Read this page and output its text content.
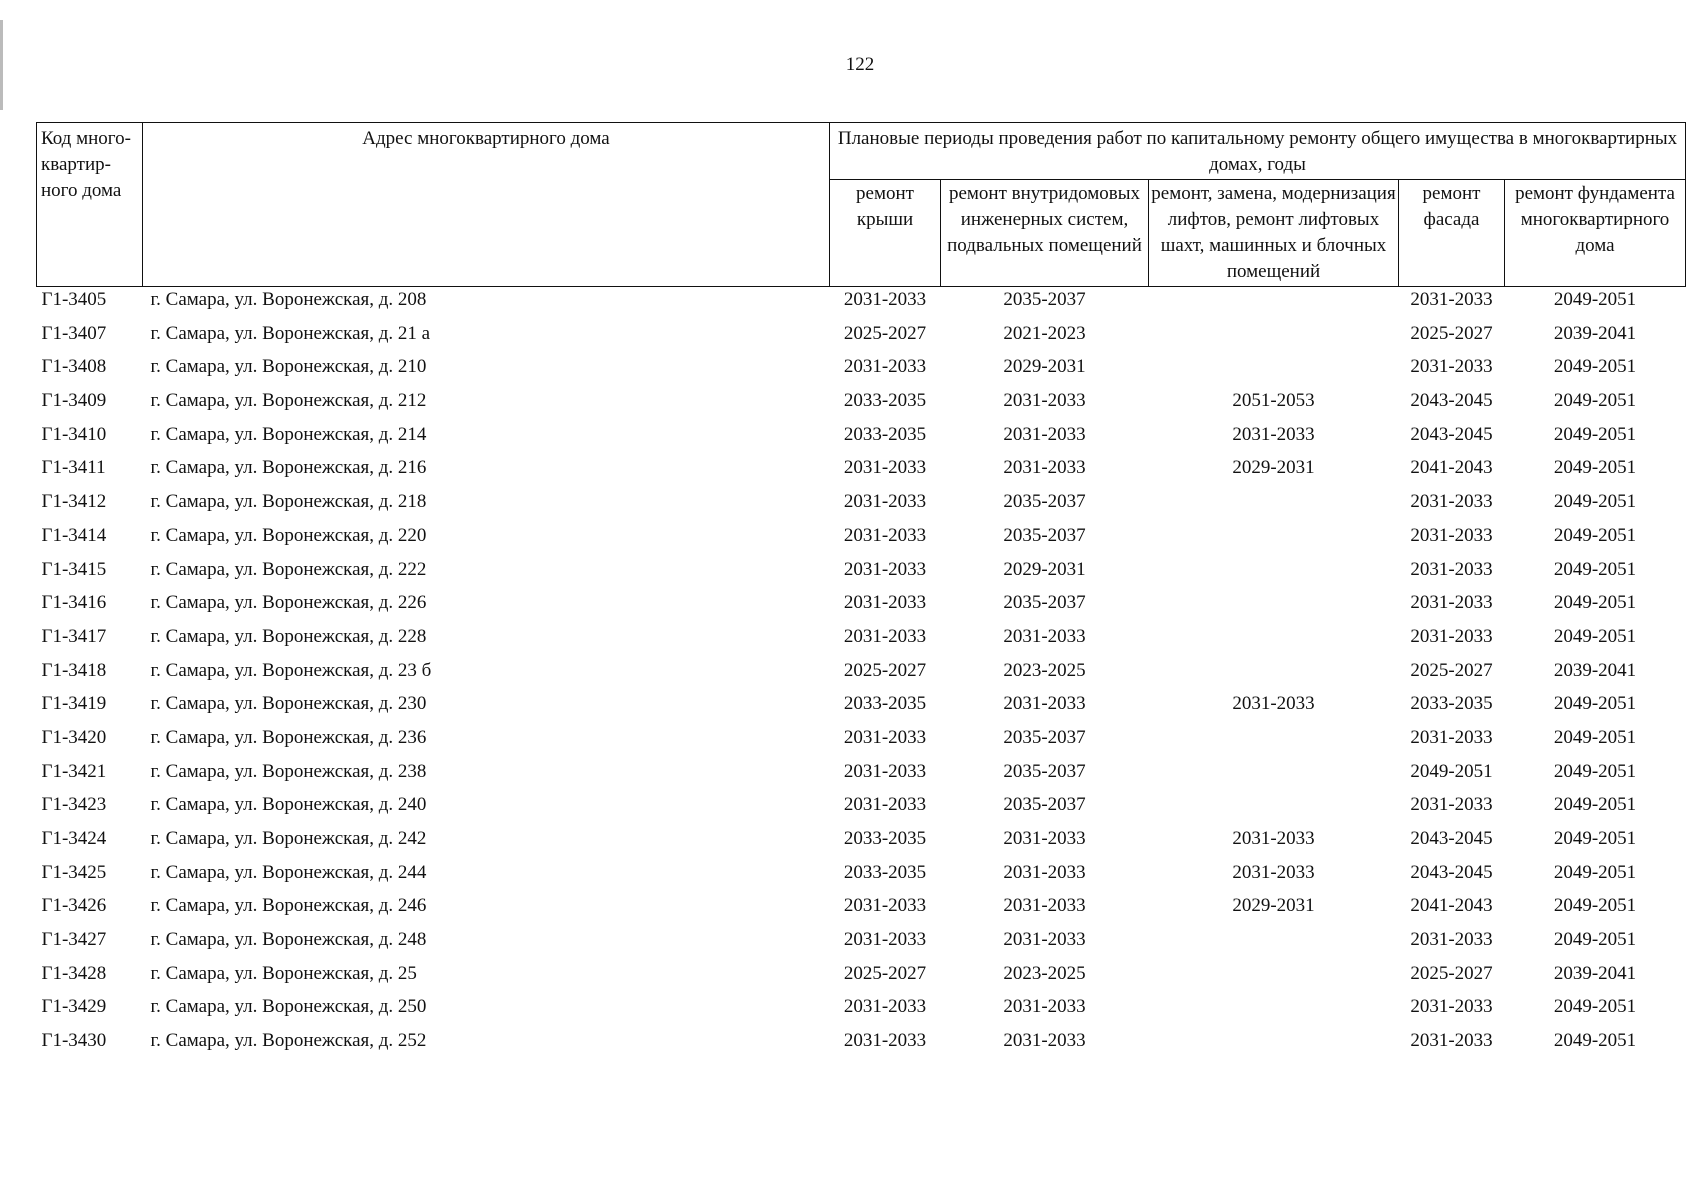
122
Код много-квартир-ного дома	Адрес многоквартирного дома	Плановые периоды проведения работ по капитальному ремонту общего имущества в многоквартирных домах, годы				
		ремонт крыши	ремонт внутридомовых инженерных систем, подвальных помещений	ремонт, замена, модернизация лифтов, ремонт лифтовых шахт, машинных и блочных помещений	ремонт фасада	ремонт фундамента многоквартирного дома
Г1-3405	г. Самара, ул. Воронежская, д. 208	2031-2033	2035-2037		2031-2033	2049-2051
Г1-3407	г. Самара, ул. Воронежская, д. 21 а	2025-2027	2021-2023		2025-2027	2039-2041
Г1-3408	г. Самара, ул. Воронежская, д. 210	2031-2033	2029-2031		2031-2033	2049-2051
Г1-3409	г. Самара, ул. Воронежская, д. 212	2033-2035	2031-2033	2051-2053	2043-2045	2049-2051
Г1-3410	г. Самара, ул. Воронежская, д. 214	2033-2035	2031-2033	2031-2033	2043-2045	2049-2051
Г1-3411	г. Самара, ул. Воронежская, д. 216	2031-2033	2031-2033	2029-2031	2041-2043	2049-2051
Г1-3412	г. Самара, ул. Воронежская, д. 218	2031-2033	2035-2037		2031-2033	2049-2051
Г1-3414	г. Самара, ул. Воронежская, д. 220	2031-2033	2035-2037		2031-2033	2049-2051
Г1-3415	г. Самара, ул. Воронежская, д. 222	2031-2033	2029-2031		2031-2033	2049-2051
Г1-3416	г. Самара, ул. Воронежская, д. 226	2031-2033	2035-2037		2031-2033	2049-2051
Г1-3417	г. Самара, ул. Воронежская, д. 228	2031-2033	2031-2033		2031-2033	2049-2051
Г1-3418	г. Самара, ул. Воронежская, д. 23 б	2025-2027	2023-2025		2025-2027	2039-2041
Г1-3419	г. Самара, ул. Воронежская, д. 230	2033-2035	2031-2033	2031-2033	2033-2035	2049-2051
Г1-3420	г. Самара, ул. Воронежская, д. 236	2031-2033	2035-2037		2031-2033	2049-2051
Г1-3421	г. Самара, ул. Воронежская, д. 238	2031-2033	2035-2037		2049-2051	2049-2051
Г1-3423	г. Самара, ул. Воронежская, д. 240	2031-2033	2035-2037		2031-2033	2049-2051
Г1-3424	г. Самара, ул. Воронежская, д. 242	2033-2035	2031-2033	2031-2033	2043-2045	2049-2051
Г1-3425	г. Самара, ул. Воронежская, д. 244	2033-2035	2031-2033	2031-2033	2043-2045	2049-2051
Г1-3426	г. Самара, ул. Воронежская, д. 246	2031-2033	2031-2033	2029-2031	2041-2043	2049-2051
Г1-3427	г. Самара, ул. Воронежская, д. 248	2031-2033	2031-2033		2031-2033	2049-2051
Г1-3428	г. Самара, ул. Воронежская, д. 25	2025-2027	2023-2025		2025-2027	2039-2041
Г1-3429	г. Самара, ул. Воронежская, д. 250	2031-2033	2031-2033		2031-2033	2049-2051
Г1-3430	г. Самара, ул. Воронежская, д. 252	2031-2033	2031-2033		2031-2033	2049-2051
